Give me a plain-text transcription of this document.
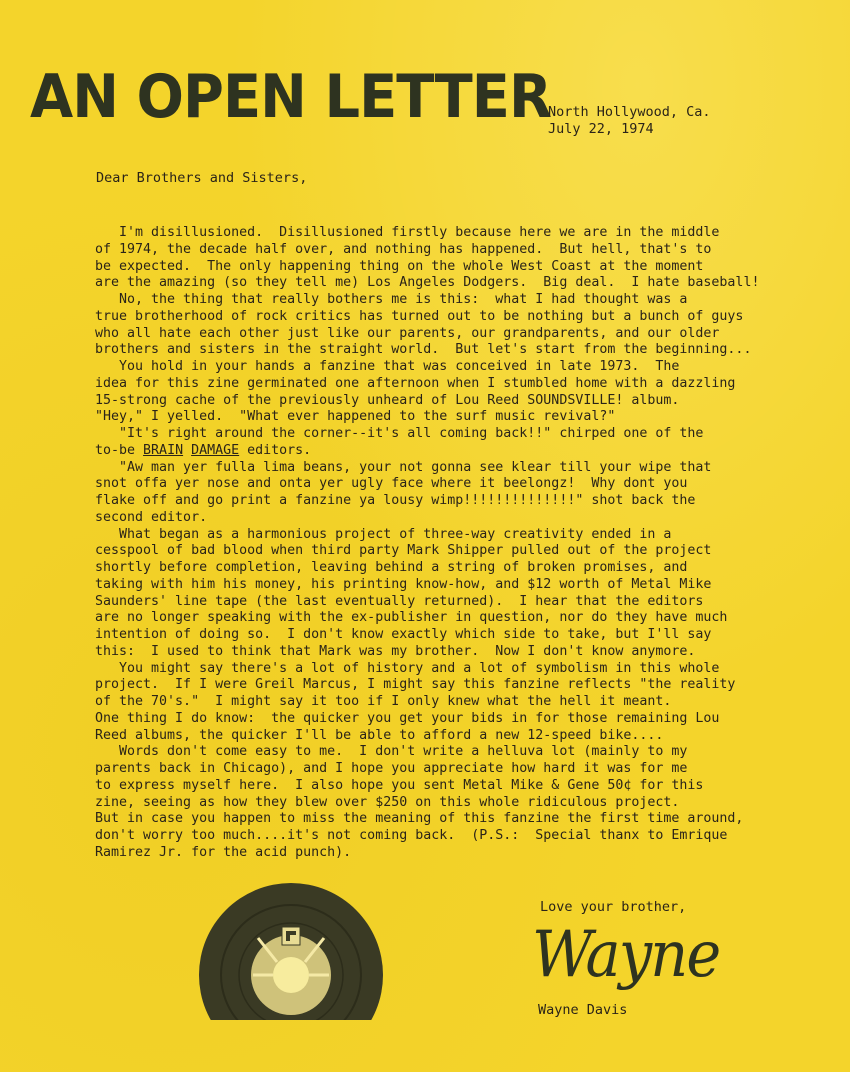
AN OPEN LETTER
North Hollywood, Ca.
July 22, 1974
Dear Brothers and Sisters,
I'm disillusioned.  Disillusioned firstly because here we are in the middle
of 1974, the decade half over, and nothing has happened.  But hell, that's to
be expected.  The only happening thing on the whole West Coast at the moment
are the amazing (so they tell me) Los Angeles Dodgers.  Big deal.  I hate baseball!
No, the thing that really bothers me is this:  what I had thought was a
true brotherhood of rock critics has turned out to be nothing but a bunch of guys
who all hate each other just like our parents, our grandparents, and our older
brothers and sisters in the straight world.  But let's start from the beginning...
You hold in your hands a fanzine that was conceived in late 1973.  The
idea for this zine germinated one afternoon when I stumbled home with a dazzling
15-strong cache of the previously unheard of Lou Reed SOUNDSVILLE! album.
"Hey," I yelled.  "What ever happened to the surf music revival?"
"It's right around the corner--it's all coming back!!" chirped one of the
to-be BRAIN DAMAGE editors.
"Aw man yer fulla lima beans, your not gonna see klear till your wipe that
snot offa yer nose and onta yer ugly face where it beelongz!  Why dont you
flake off and go print a fanzine ya lousy wimp!!!!!!!!!!!!!!" shot back the
second editor.
What began as a harmonious project of three-way creativity ended in a
cesspool of bad blood when third party Mark Shipper pulled out of the project
shortly before completion, leaving behind a string of broken promises, and
taking with him his money, his printing know-how, and $12 worth of Metal Mike
Saunders' line tape (the last eventually returned).  I hear that the editors
are no longer speaking with the ex-publisher in question, nor do they have much
intention of doing so.  I don't know exactly which side to take, but I'll say
this:  I used to think that Mark was my brother.  Now I don't know anymore.
You might say there's a lot of history and a lot of symbolism in this whole
project.  If I were Greil Marcus, I might say this fanzine reflects "the reality
of the 70's."  I might say it too if I only knew what the hell it meant.
One thing I do know:  the quicker you get your bids in for those remaining Lou
Reed albums, the quicker I'll be able to afford a new 12-speed bike....
Words don't come easy to me.  I don't write a helluva lot (mainly to my
parents back in Chicago), and I hope you appreciate how hard it was for me
to express myself here.  I also hope you sent Metal Mike & Gene 50¢ for this
zine, seeing as how they blew over $250 on this whole ridiculous project.
But in case you happen to miss the meaning of this fanzine the first time around,
don't worry too much....it's not coming back.  (P.S.:  Special thanx to Emrique
Ramirez Jr. for the acid punch).
Love your brother,
Wayne
Wayne Davis
